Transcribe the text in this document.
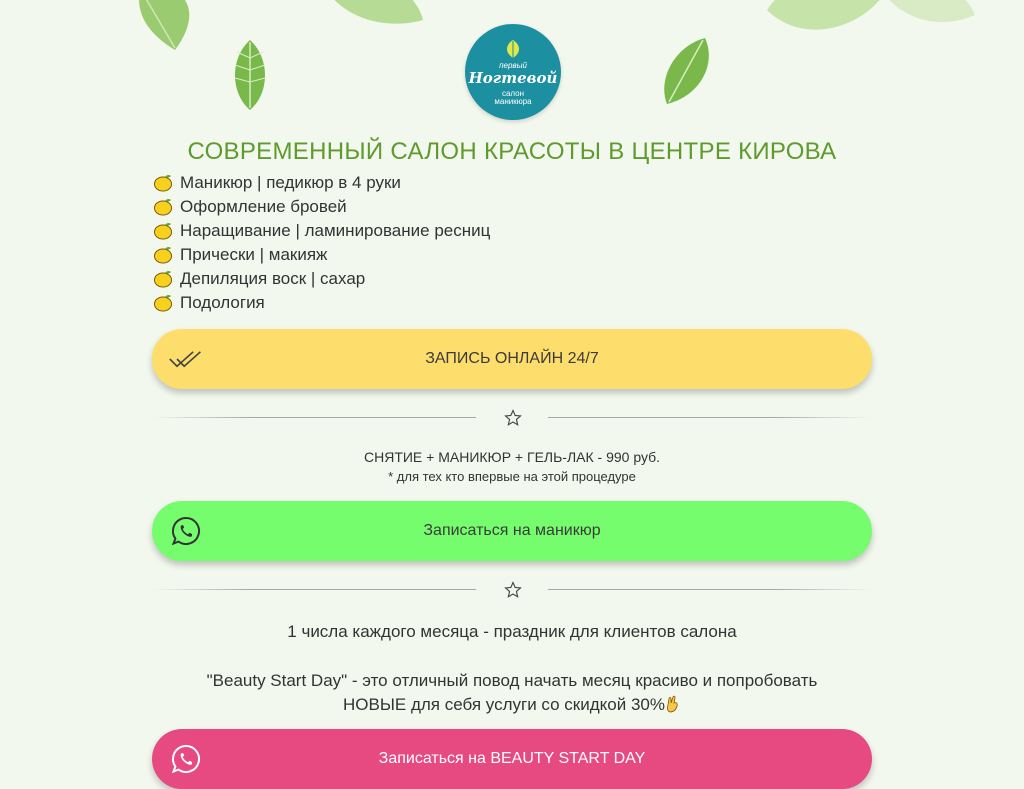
первый
Ногтевой
салон
маникюра
СОВРЕМЕННЫЙ САЛОН КРАСОТЫ В ЦЕНТРЕ КИРОВА
Маникюр | педикюр в 4 руки
Оформление бровей
Наращивание | ламинирование ресниц
Прически | макияж
Депиляция воск | сахар
Подология
ЗАПИСЬ ОНЛАЙН 24/7
СНЯТИЕ + МАНИКЮР + ГЕЛЬ-ЛАК - 990 руб.
* для тех кто впервые на этой процедуре
Записаться на маникюр
1 числа каждого месяца - праздник для клиентов салона
"Beauty Start Day" - это отличный повод начать месяц красиво и попробовать
НОВЫЕ для себя услуги со скидкой 30%
Записаться на BEAUTY START DAY
